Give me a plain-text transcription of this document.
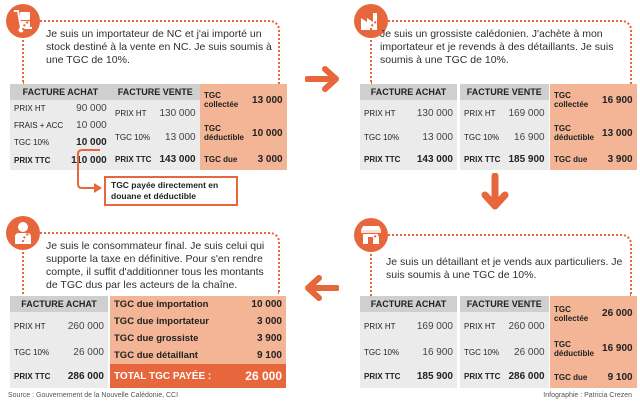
Je suis un importateur de NC et j'ai importé un stock destiné à la vente en NC. Je suis soumis à une TGC de 10%.
FACTURE ACHAT	
PRIX HT	90 000
FRAIS + ACC	10 000
TGC 10%	10 000
PRIX TTC	110 000
FACTURE VENTE	
PRIX HT	130 000
TGC 10%	13 000
PRIX TTC	143 000
TGC collectée	13 000
TGC déductible	10 000
TGC due	3 000
TGC payée directement en douane et déductible
Je suis un grossiste calédonien. J'achète à mon importateur et je revends à des détaillants. Je suis soumis à une TGC de 10%.
FACTURE ACHAT	
PRIX HT	130 000
TGC 10%	13 000
PRIX TTC	143 000
FACTURE VENTE	
PRIX HT	169 000
TGC 10%	16 900
PRIX TTC	185 900
TGC collectée	16 900
TGC déductible	13 000
TGC due	3 900
Je suis un détaillant et je vends aux particuliers. Je suis soumis à une TGC de 10%.
FACTURE ACHAT	
PRIX HT	169 000
TGC 10%	16 900
PRIX TTC	185 900
FACTURE VENTE	
PRIX HT	260 000
TGC 10%	26 000
PRIX TTC	286 000
TGC collectée	26 000
TGC déductible	16 900
TGC due	9 100
Je suis le consommateur final. Je suis celui qui supporte la taxe en définitive. Pour s'en rendre compte, il suffit d'additionner tous les montants de TGC dus par les acteurs de la chaîne.
FACTURE ACHAT	
PRIX HT	260 000
TGC 10%	26 000
PRIX TTC	286 000
TGC due importation	10 000
TGC due importateur	3 000
TGC due grossiste	3 900
TGC due détaillant	9 100
TOTAL TGC PAYÉE :	26 000
Source : Gouvernement de la Nouvelle Calédonie, CCI	Infographie : Patricia Crezen
